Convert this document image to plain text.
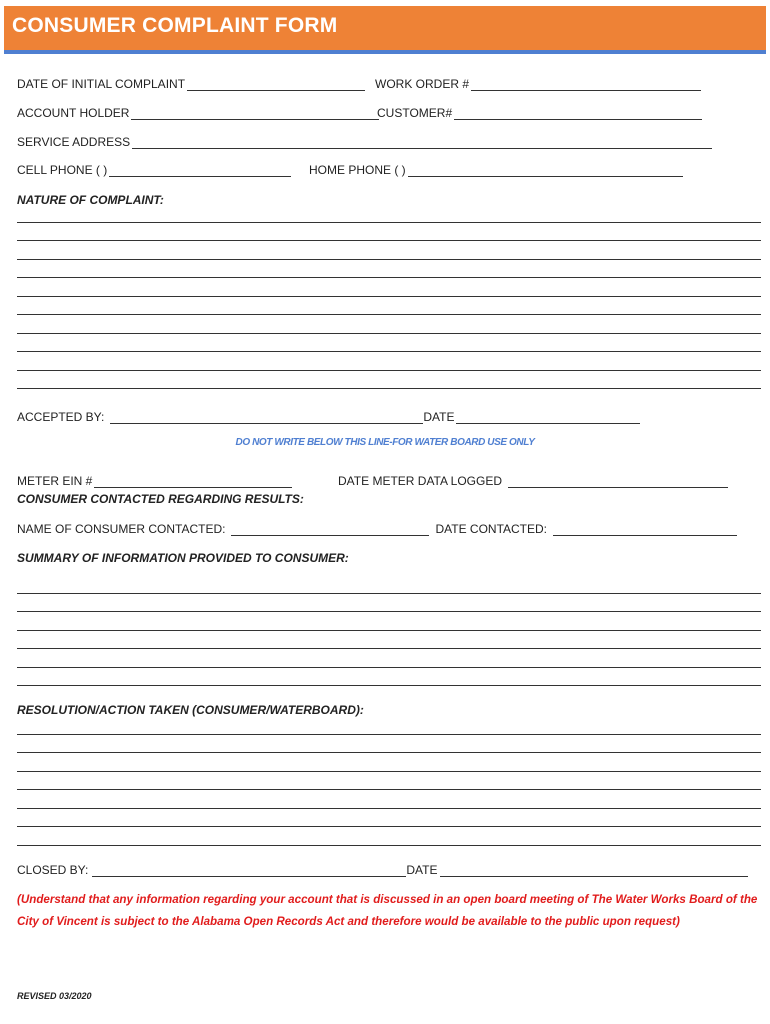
CONSUMER COMPLAINT FORM
DATE OF INITIAL COMPLAINT	WORK ORDER #
ACCOUNT HOLDER	CUSTOMER#
SERVICE ADDRESS
CELL PHONE ( )	HOME PHONE ( )
NATURE OF COMPLAINT:
ACCEPTED BY:	DATE
DO NOT WRITE BELOW THIS LINE-FOR WATER BOARD USE ONLY
METER EIN #	DATE METER DATA LOGGED
CONSUMER CONTACTED REGARDING RESULTS:
NAME OF CONSUMER CONTACTED:	DATE CONTACTED:
SUMMARY OF INFORMATION PROVIDED TO CONSUMER:
RESOLUTION/ACTION TAKEN (CONSUMER/WATERBOARD):
CLOSED BY:	DATE
(Understand that any information regarding your account that is discussed in an open board meeting of The Water Works Board of the City of Vincent is subject to the Alabama Open Records Act and therefore would be available to the public upon request)
REVISED 03/2020
